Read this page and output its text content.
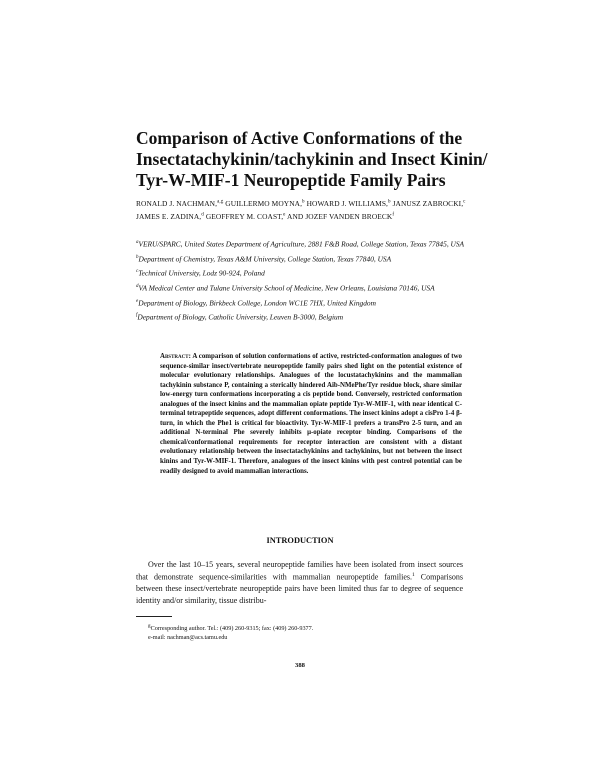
Comparison of Active Conformations of the Insectatachykinin/tachykinin and Insect Kinin/ Tyr-W-MIF-1 Neuropeptide Family Pairs
RONALD J. NACHMAN,$^{a,g}$ GUILLERMO MOYNA,$^b$ HOWARD J. WILLIAMS,$^b$ JANUSZ ZABROCKI,$^c$ JAMES E. ZADINA,$^d$ GEOFFREY M. COAST,$^e$ AND JOZEF VANDEN BROECK$^f$

$^a$VERU/SPARC, United States Department of Agriculture, 2881 F&B Road, College Station, Texas 77845, USA

$^b$Department of Chemistry, Texas A&M University, College Station, Texas 77840, USA

$^c$Technical University, Lodz 90-924, Poland

$^d$VA Medical Center and Tulane University School of Medicine, New Orleans, Louisiana 70146, USA

$^e$Department of Biology, Birkbeck College, London WC1E 7HX, United Kingdom

$^f$Department of Biology, Catholic University, Leuven B-3000, Belgium

Abstract: A comparison of solution conformations of active, restricted-conformation analogues of two sequence-similar insect/vertebrate neuropeptide family pairs shed light on the potential existence of molecular evolutionary relationships. Analogues of the locustatachykinins and the mammalian tachykinin substance P, containing a sterically hindered Aib-NMePhe/Tyr residue block, share similar low-energy turn conformations incorporating a cis peptide bond. Conversely, restricted conformation analogues of the insect kinins and the mammalian opiate peptide Tyr-W-MIF-1, with near identical C-terminal tetrapeptide sequences, adopt different conformations. The insect kinins adopt a cisPro 1-4 β-turn, in which the Phe1 is critical for bioactivity. Tyr-W-MIF-1 prefers a transPro 2-5 turn, and an additional N-terminal Phe severely inhibits μ-opiate receptor binding. Comparisons of the chemical/conformational requirements for receptor interaction are consistent with a distant evolutionary relationship between the insectatachykinins and tachykinins, but not between the insect kinins and Tyr-W-MIF-1. Therefore, analogues of the insect kinins with pest control potential can be readily designed to avoid mammalian interactions.

INTRODUCTION

Over the last 10–15 years, several neuropeptide families have been isolated from insect sources that demonstrate sequence-similarities with mammalian neuropeptide families.$^1$ Comparisons between these insect/vertebrate neuropeptide pairs have been limited thus far to degree of sequence identity and/or similarity, tissue distribu-

$^g$Corresponding author. Tel.: (409) 260-9315; fax: (409) 260-9377.
e-mail: nachman@acs.tamu.edu
388
